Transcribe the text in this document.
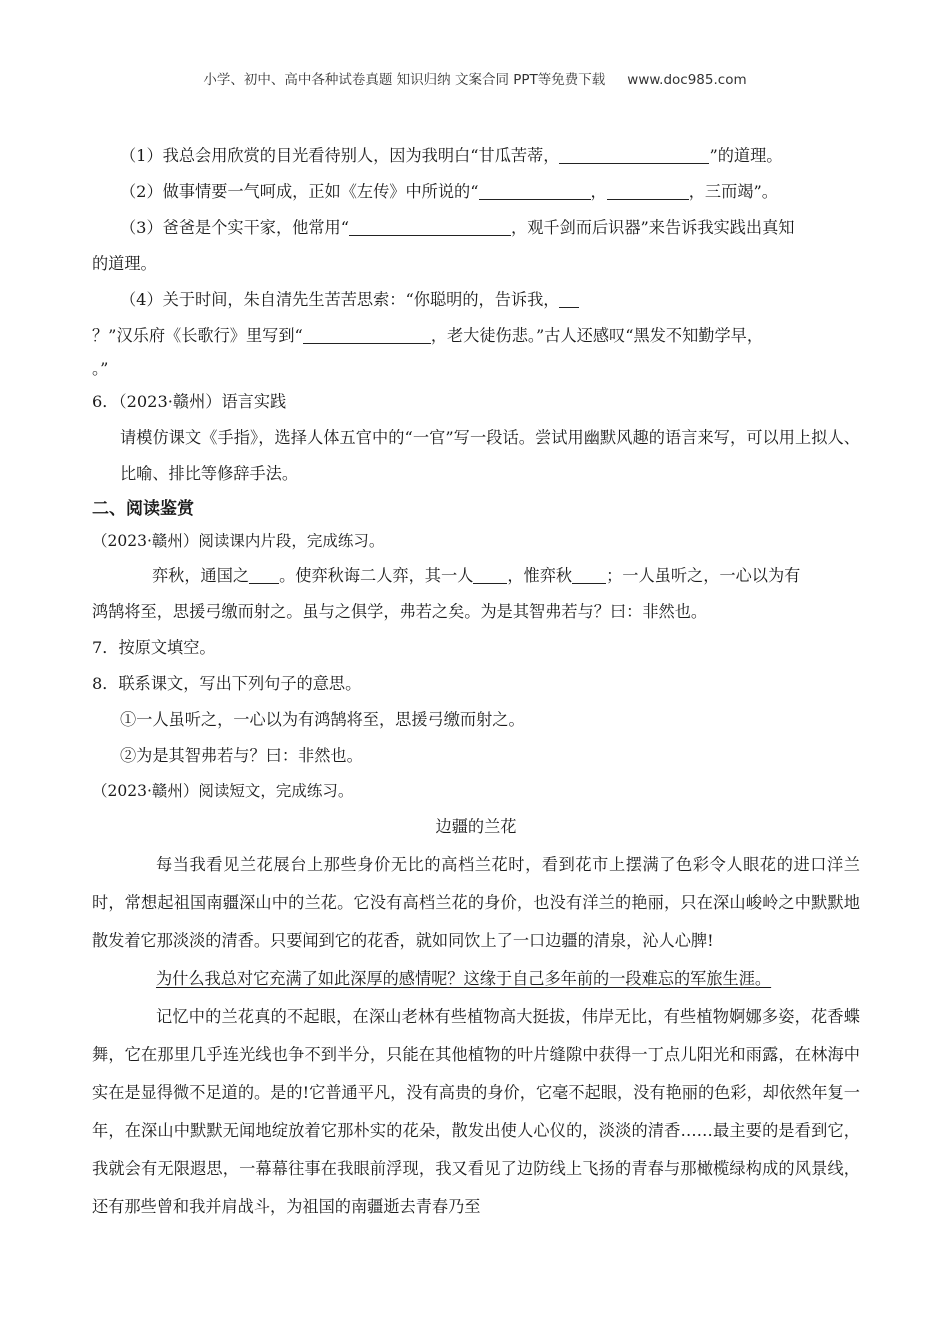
小学、初中、高中各种试卷真题 知识归纳 文案合同 PPT等免费下载 www.doc985.com

（1）我总会用欣赏的目光看待别人，因为我明白“甘瓜苦蒂，	”的道理。

（2）做事情要一气呵成，正如《左传》中所说的“	，	，三而竭”。

（3）爸爸是个实干家，他常用“	，观千剑而后识器”来告诉我实践出真知

的道理。

（4）关于时间，朱自清先生苦苦思索：“你聪明的，告诉我，

？”汉乐府《长歌行》里写到“	，老大徒伤悲。”古人还感叹“黑发不知勤学早，

。”

6．（2023·赣州）语言实践

请模仿课文《手指》，选择人体五官中的“一官”写一段话。尝试用幽默风趣的语言来写，可以用上拟人、比喻、排比等修辞手法。

二、阅读鉴赏

（2023·赣州）阅读课内片段，完成练习。

弈秋，通国之 。使弈秋诲二人弈，其一人 ，惟弈秋 ；一人虽听之，一心以为有

鸿鹄将至，思援弓缴而射之。虽与之俱学，弗若之矣。为是其智弗若与？曰：非然也。

7．按原文填空。

8．联系课文，写出下列句子的意思。

①一人虽听之，一心以为有鸿鹄将至，思援弓缴而射之。

②为是其智弗若与？曰：非然也。

（2023·赣州）阅读短文，完成练习。

边疆的兰花

每当我看见兰花展台上那些身价无比的高档兰花时，看到花市上摆满了色彩令人眼花的进口洋兰时，常想起祖国南疆深山中的兰花。它没有高档兰花的身价，也没有洋兰的艳丽，只在深山峻岭之中默默地散发着它那淡淡的清香。只要闻到它的花香，就如同饮上了一口边疆的清泉，沁人心脾!

为什么我总对它充满了如此深厚的感情呢？这缘于自己多年前的一段难忘的军旅生涯。

记忆中的兰花真的不起眼，在深山老林有些植物高大挺拔，伟岸无比，有些植物婀娜多姿，花香蝶舞，它在那里几乎连光线也争不到半分，只能在其他植物的叶片缝隙中获得一丁点儿阳光和雨露，在林海中实在是显得微不足道的。是的!它普通平凡，没有高贵的身价，它毫不起眼，没有艳丽的色彩，却依然年复一年，在深山中默默无闻地绽放着它那朴实的花朵，散发出使人心仪的，淡淡的清香……最主要的是看到它，我就会有无限遐思，一幕幕往事在我眼前浮现，我又看见了边防线上飞扬的青春与那橄榄绿构成的风景线，还有那些曾和我并肩战斗，为祖国的南疆逝去青春乃至
